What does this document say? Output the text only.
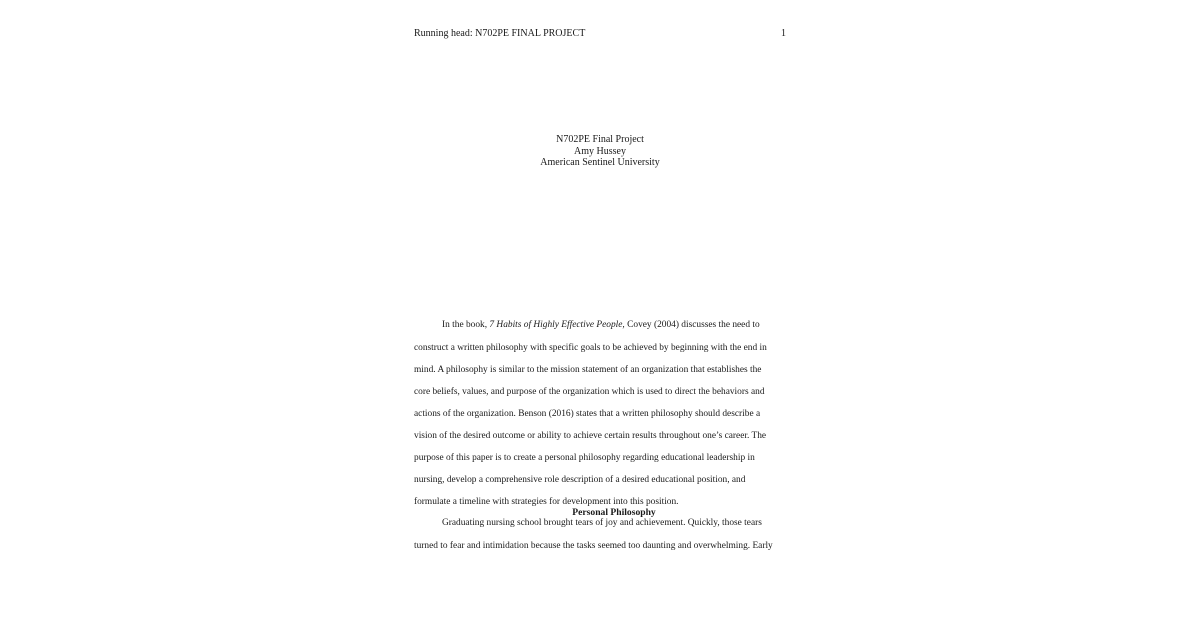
Running head: N702PE FINAL PROJECT	1
N702PE Final Project
Amy Hussey
American Sentinel University
In the book, 7 Habits of Highly Effective People, Covey (2004) discusses the need to
construct a written philosophy with specific goals to be achieved by beginning with the end in
mind. A philosophy is similar to the mission statement of an organization that establishes the
core beliefs, values, and purpose of the organization which is used to direct the behaviors and
actions of the organization. Benson (2016) states that a written philosophy should describe a
vision of the desired outcome or ability to achieve certain results throughout one’s career. The
purpose of this paper is to create a personal philosophy regarding educational leadership in
nursing, develop a comprehensive role description of a desired educational position, and
formulate a timeline with strategies for development into this position.
Personal Philosophy
Graduating nursing school brought tears of joy and achievement. Quickly, those tears
turned to fear and intimidation because the tasks seemed too daunting and overwhelming. Early
